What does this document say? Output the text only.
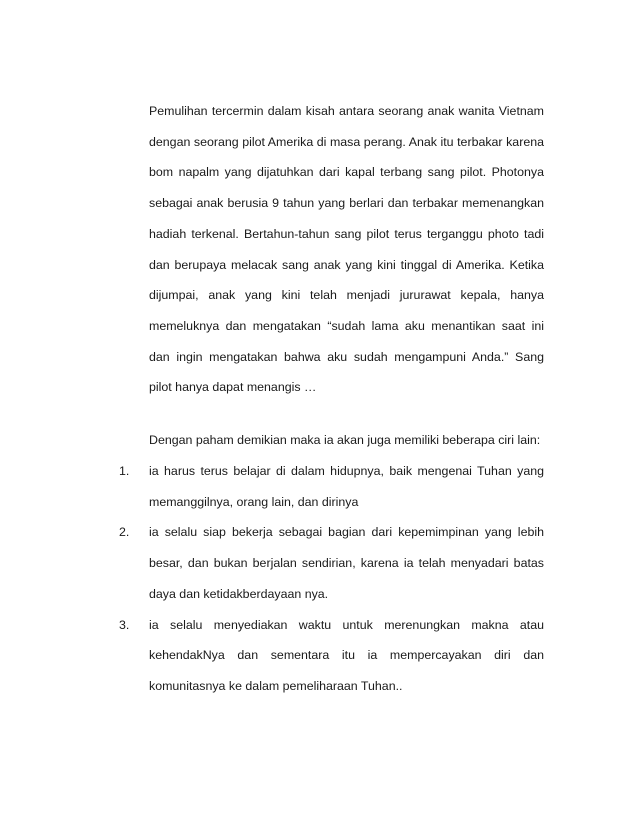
Pemulihan tercermin dalam kisah antara seorang anak wanita Vietnam dengan seorang pilot Amerika di masa perang. Anak itu terbakar karena bom napalm yang dijatuhkan dari kapal terbang sang pilot. Photonya sebagai anak berusia 9 tahun yang berlari dan terbakar memenangkan hadiah terkenal. Bertahun-tahun sang pilot terus terganggu photo tadi dan berupaya melacak sang anak yang kini tinggal di Amerika. Ketika dijumpai, anak yang kini telah menjadi jururawat kepala, hanya memeluknya dan mengatakan “sudah lama aku menantikan saat ini dan ingin mengatakan bahwa aku sudah mengampuni Anda.” Sang pilot hanya dapat menangis …

Dengan paham demikian maka ia akan juga memiliki beberapa ciri lain:

1. ia harus terus belajar di dalam hidupnya, baik mengenai Tuhan yang memanggilnya, orang lain, dan dirinya
2. ia selalu siap bekerja sebagai bagian dari kepemimpinan yang lebih besar, dan bukan berjalan sendirian, karena ia telah menyadari batas daya dan ketidakberdayaan nya.
3. ia selalu menyediakan waktu untuk merenungkan makna atau kehendakNya dan sementara itu ia mempercayakan diri dan komunitasnya ke dalam pemeliharaan Tuhan..
